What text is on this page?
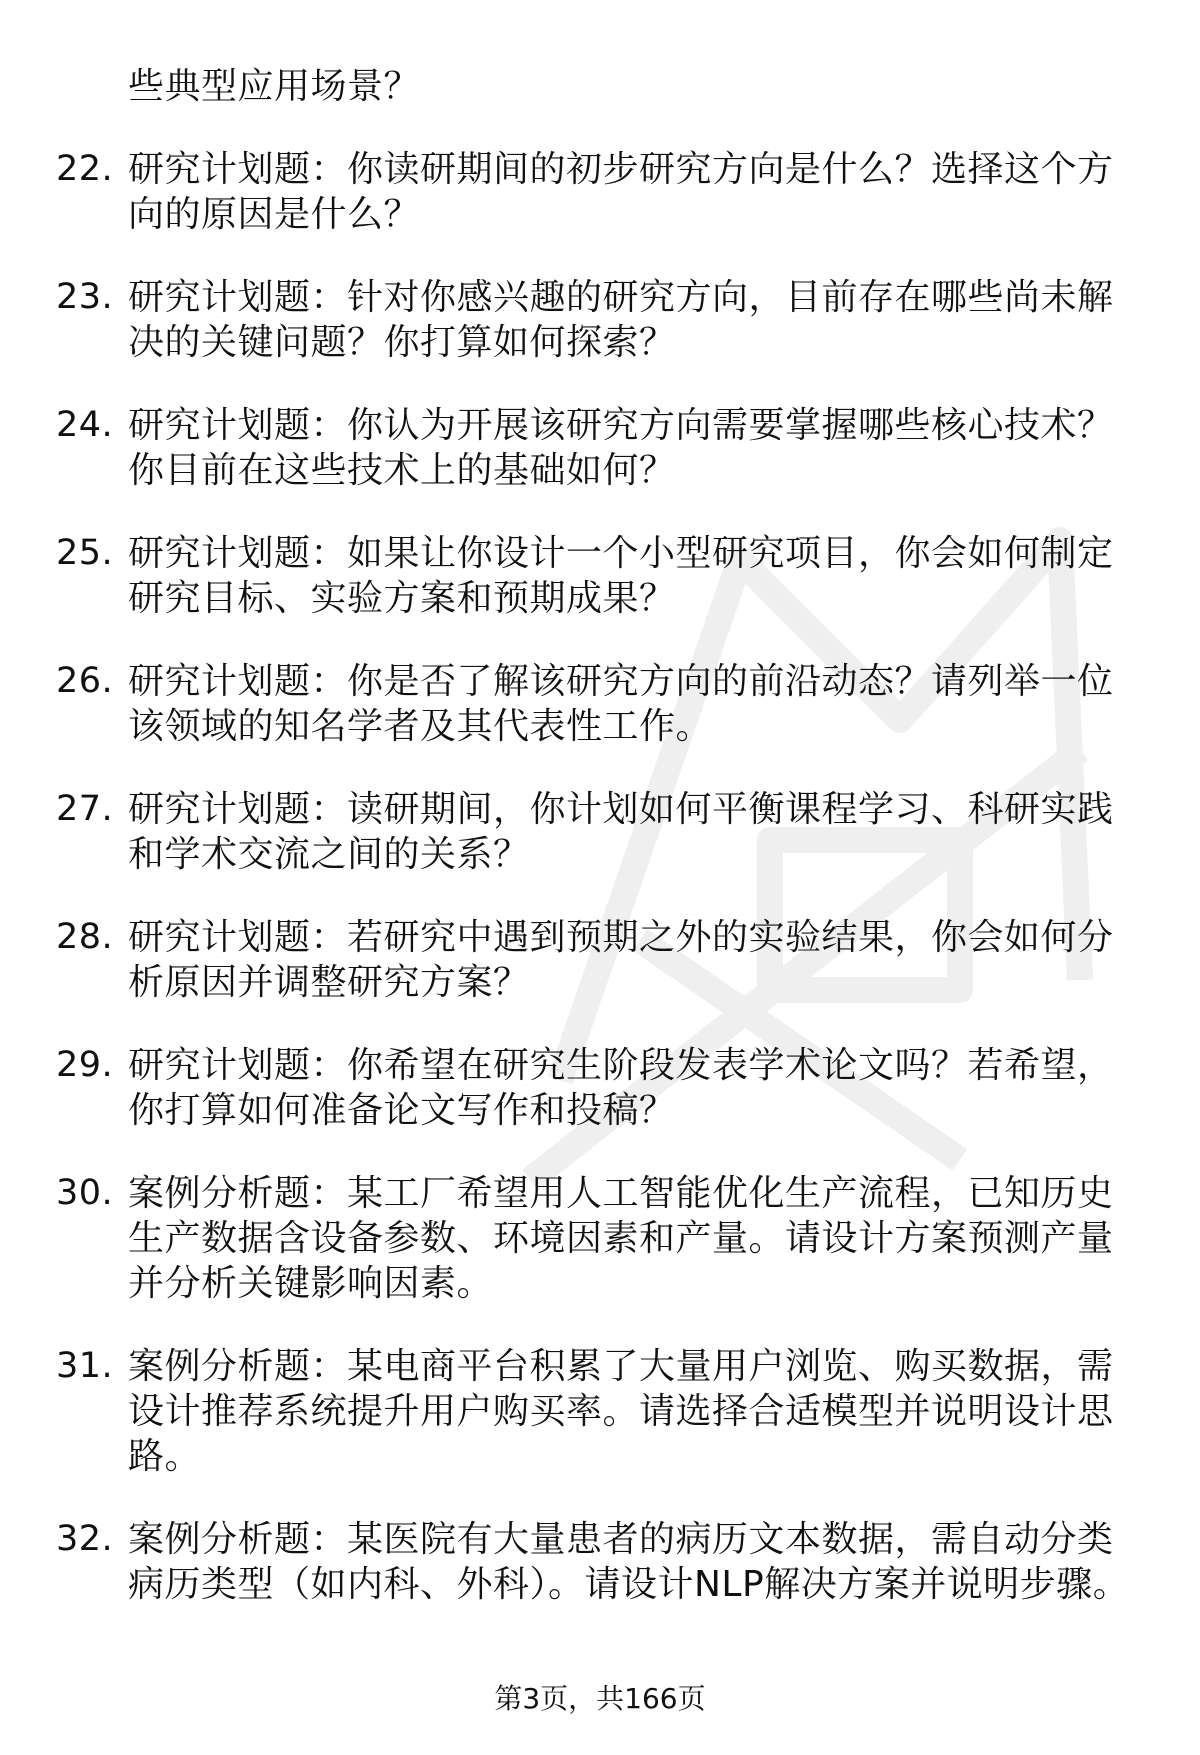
些典型应用场景？
22. 研究计划题：你读研期间的初步研究方向是什么？选择这个方向的原因是什么？
23. 研究计划题：针对你感兴趣的研究方向，目前存在哪些尚未解决的关键问题？你打算如何探索？
24. 研究计划题：你认为开展该研究方向需要掌握哪些核心技术？你目前在这些技术上的基础如何？
25. 研究计划题：如果让你设计一个小型研究项目，你会如何制定研究目标、实验方案和预期成果？
26. 研究计划题：你是否了解该研究方向的前沿动态？请列举一位该领域的知名学者及其代表性工作。
27. 研究计划题：读研期间，你计划如何平衡课程学习、科研实践和学术交流之间的关系？
28. 研究计划题：若研究中遇到预期之外的实验结果，你会如何分析原因并调整研究方案？
29. 研究计划题：你希望在研究生阶段发表学术论文吗？若希望，你打算如何准备论文写作和投稿？
30. 案例分析题：某工厂希望用人工智能优化生产流程，已知历史生产数据含设备参数、环境因素和产量。请设计方案预测产量并分析关键影响因素。
31. 案例分析题：某电商平台积累了大量用户浏览、购买数据，需设计推荐系统提升用户购买率。请选择合适模型并说明设计思路。
32. 案例分析题：某医院有大量患者的病历文本数据，需自动分类病历类型（如内科、外科）。请设计NLP解决方案并说明步骤。
第3页，共166页
